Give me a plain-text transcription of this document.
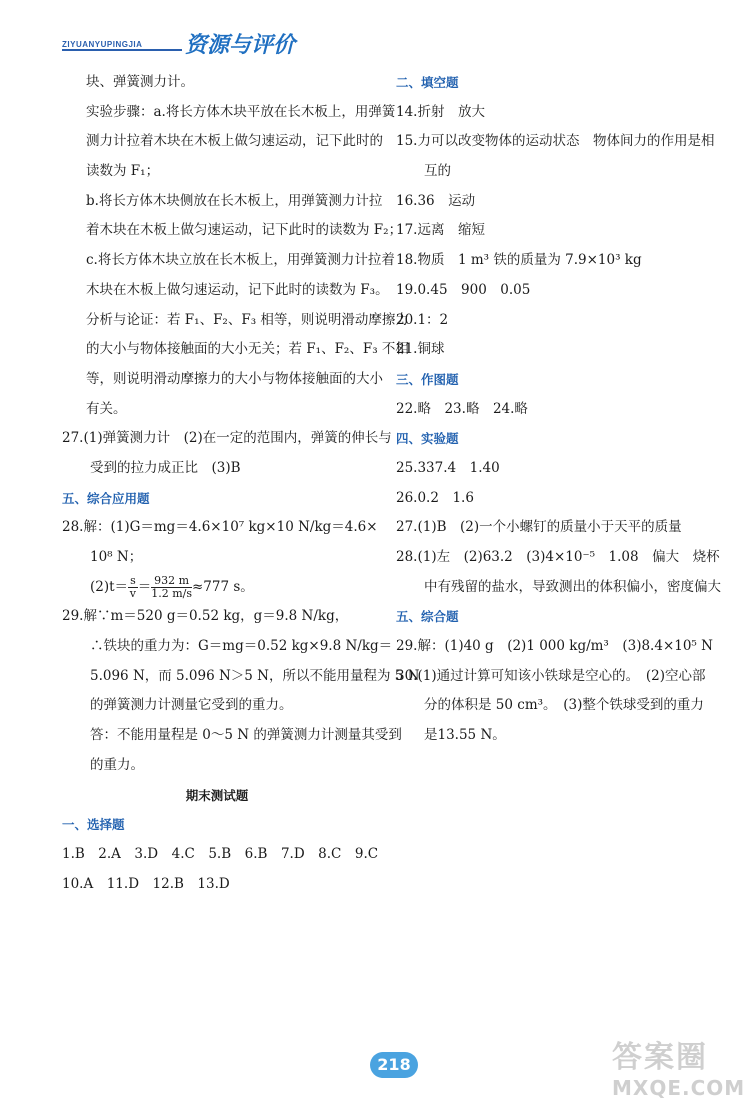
ZIYUANYUPINGJIA 资源与评价
块、弹簧测力计。
实验步骤：a.将长方体木块平放在长木板上，用弹簧
测力计拉着木块在木板上做匀速运动，记下此时的
读数为 F₁；
b.将长方体木块侧放在长木板上，用弹簧测力计拉
着木块在木板上做匀速运动，记下此时的读数为 F₂；
c.将长方体木块立放在长木板上，用弹簧测力计拉着
木块在木板上做匀速运动，记下此时的读数为 F₃。
分析与论证：若 F₁、F₂、F₃ 相等，则说明滑动摩擦力
的大小与物体接触面的大小无关；若 F₁、F₂、F₃ 不相
等，则说明滑动摩擦力的大小与物体接触面的大小
有关。
27.(1)弹簧测力计　(2)在一定的范围内，弹簧的伸长与
受到的拉力成正比　(3)B
五、综合应用题
28.解：(1)G＝mg＝4.6×10⁷ kg×10 N/kg＝4.6×
10⁸ N；
$(2)t= \frac{s}{v} = \frac{932 m}{1.2 m/s} \approx 777$ s。
29.解∵m＝520 g＝0.52 kg，g＝9.8 N/kg，
∴铁块的重力为：G＝mg＝0.52 kg×9.8 N/kg＝
5.096 N，而 5.096 N＞5 N，所以不能用量程为 5 N
的弹簧测力计测量它受到的重力。
答：不能用量程是 0～5 N 的弹簧测力计测量其受到
的重力。
期末测试题
一、选择题
1.B　2.A　3.D　4.C　5.B　6.B　7.D　8.C　9.C
10.A　11.D　12.B　13.D
二、填空题
14.折射　放大
15.力可以改变物体的运动状态　物体间力的作用是相
互的
16.36　运动
17.远离　缩短
18.物质　1 m³ 铁的质量为 7.9×10³ kg
19.0.45　900　0.05
20.1：2
21.铜球
三、作图题
22.略　23.略　24.略
四、实验题
25.337.4　1.40
26.0.2　1.6
27.(1)B　(2)一个小螺钉的质量小于天平的质量
28.(1)左　(2)63.2　(3)4×10⁻⁵　1.08　偏大　烧杯
中有残留的盐水，导致测出的体积偏小，密度偏大
五、综合题
29.解：(1)40 g　(2)1 000 kg/m³　(3)8.4×10⁵ N
30.(1)通过计算可知该小铁球是空心的。　(2)空心部
分的体积是 50 cm³。　(3)整个铁球受到的重力
是13.55 N。
218	答案圈
MXQE.COM
